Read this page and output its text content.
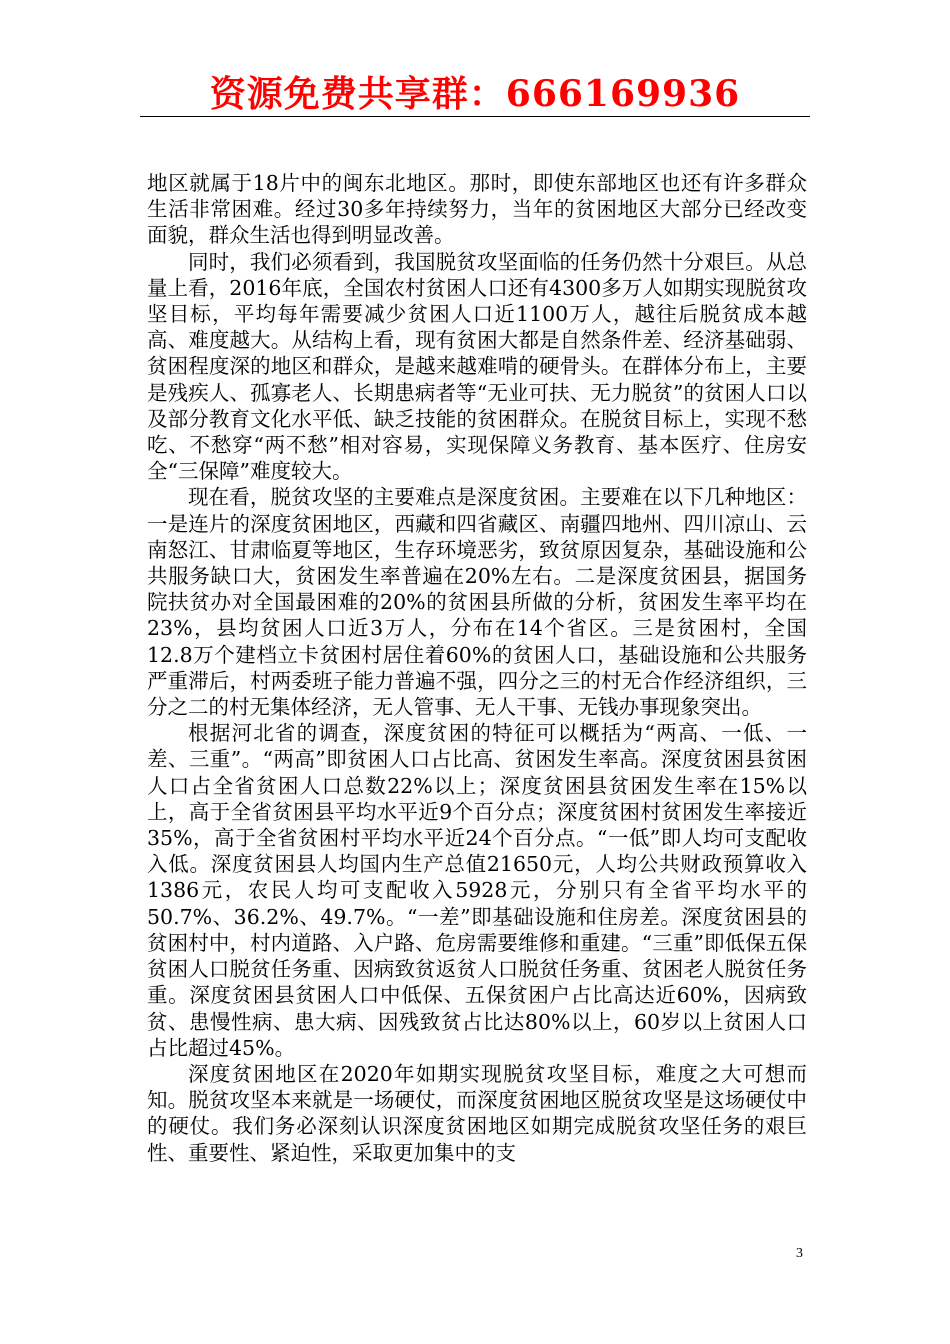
资源免费共享群：666169936

地区就属于18片中的闽东北地区。那时，即使东部地区也还有许多群众生活非常困难。经过30多年持续努力，当年的贫困地区大部分已经改变面貌，群众生活也得到明显改善。

同时，我们必须看到，我国脱贫攻坚面临的任务仍然十分艰巨。从总量上看，2016年底，全国农村贫困人口还有4300多万人如期实现脱贫攻坚目标，平均每年需要减少贫困人口近1100万人，越往后脱贫成本越高、难度越大。从结构上看，现有贫困大都是自然条件差、经济基础弱、贫困程度深的地区和群众，是越来越难啃的硬骨头。在群体分布上，主要是残疾人、孤寡老人、长期患病者等“无业可扶、无力脱贫”的贫困人口以及部分教育文化水平低、缺乏技能的贫困群众。在脱贫目标上，实现不愁吃、不愁穿“两不愁”相对容易，实现保障义务教育、基本医疗、住房安全“三保障”难度较大。

现在看，脱贫攻坚的主要难点是深度贫困。主要难在以下几种地区：一是连片的深度贫困地区，西藏和四省藏区、南疆四地州、四川凉山、云南怒江、甘肃临夏等地区，生存环境恶劣，致贫原因复杂，基础设施和公共服务缺口大，贫困发生率普遍在20%左右。二是深度贫困县，据国务院扶贫办对全国最困难的20%的贫困县所做的分析，贫困发生率平均在23%，县均贫困人口近3万人，分布在14个省区。三是贫困村，全国12.8万个建档立卡贫困村居住着60%的贫困人口，基础设施和公共服务严重滞后，村两委班子能力普遍不强，四分之三的村无合作经济组织，三分之二的村无集体经济，无人管事、无人干事、无钱办事现象突出。

根据河北省的调查，深度贫困的特征可以概括为“两高、一低、一差、三重”。“两高”即贫困人口占比高、贫困发生率高。深度贫困县贫困人口占全省贫困人口总数22%以上；深度贫困县贫困发生率在15%以上，高于全省贫困县平均水平近9个百分点；深度贫困村贫困发生率接近35%，高于全省贫困村平均水平近24个百分点。“一低”即人均可支配收入低。深度贫困县人均国内生产总值21650元，人均公共财政预算收入1386元，农民人均可支配收入5928元，分别只有全省平均水平的50.7%、36.2%、49.7%。“一差”即基础设施和住房差。深度贫困县的贫困村中，村内道路、入户路、危房需要维修和重建。“三重”即低保五保贫困人口脱贫任务重、因病致贫返贫人口脱贫任务重、贫困老人脱贫任务重。深度贫困县贫困人口中低保、五保贫困户占比高达近60%，因病致贫、患慢性病、患大病、因残致贫占比达80%以上，60岁以上贫困人口占比超过45%。

深度贫困地区在2020年如期实现脱贫攻坚目标，难度之大可想而知。脱贫攻坚本来就是一场硬仗，而深度贫困地区脱贫攻坚是这场硬仗中的硬仗。我们务必深刻认识深度贫困地区如期完成脱贫攻坚任务的艰巨性、重要性、紧迫性，采取更加集中的支

3
